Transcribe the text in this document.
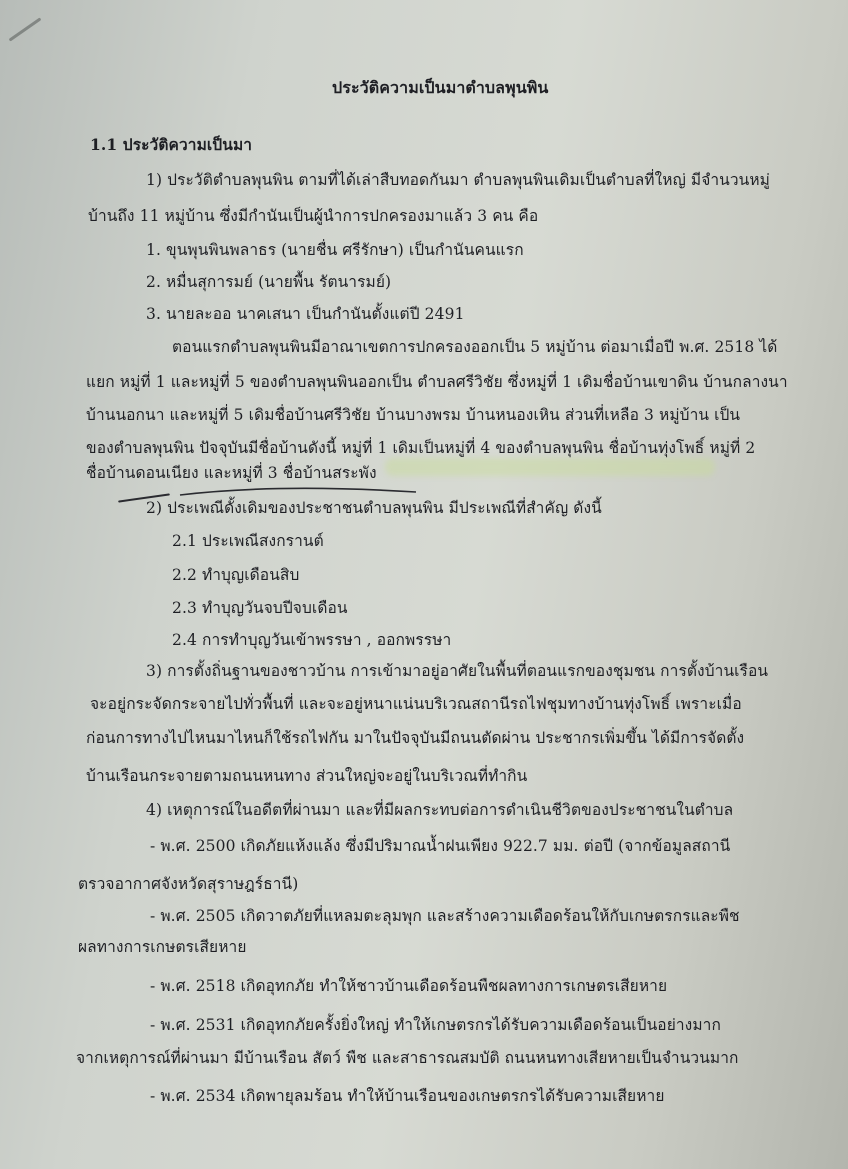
ประวัติความเป็นมาตำบลพุนพิน
1.1 ประวัติความเป็นมา
1) ประวัติตำบลพุนพิน ตามที่ได้เล่าสืบทอดกันมา ตำบลพุนพินเดิมเป็นตำบลที่ใหญ่ มีจำนวนหมู่
บ้านถึง 11 หมู่บ้าน ซึ่งมีกำนันเป็นผู้นำการปกครองมาแล้ว 3 คน คือ
1. ขุนพุนพินพลาธร (นายชื่น ศรีรักษา) เป็นกำนันคนแรก
2. หมื่นสุการมย์ (นายพื้น รัตนารมย์)
3. นายละออ นาคเสนา เป็นกำนันตั้งแต่ปี 2491
ตอนแรกตำบลพุนพินมีอาณาเขตการปกครองออกเป็น 5 หมู่บ้าน ต่อมาเมื่อปี พ.ศ. 2518 ได้
แยก หมู่ที่ 1 และหมู่ที่ 5 ของตำบลพุนพินออกเป็น ตำบลศรีวิชัย ซึ่งหมู่ที่ 1 เดิมชื่อบ้านเขาดิน บ้านกลางนา
บ้านนอกนา และหมู่ที่ 5 เดิมชื่อบ้านศรีวิชัย บ้านบางพรม บ้านหนองเหิน ส่วนที่เหลือ 3 หมู่บ้าน เป็น
ของตำบลพุนพิน ปัจจุบันมีชื่อบ้านดังนี้ หมู่ที่ 1 เดิมเป็นหมู่ที่ 4 ของตำบลพุนพิน ชื่อบ้านทุ่งโพธิ์ หมู่ที่ 2
ชื่อบ้านดอนเนียง และหมู่ที่ 3 ชื่อบ้านสระพัง
2) ประเพณีดั้งเดิมของประชาชนตำบลพุนพิน มีประเพณีที่สำคัญ ดังนี้
2.1 ประเพณีสงกรานต์
2.2 ทำบุญเดือนสิบ
2.3 ทำบุญวันจบปีจบเดือน
2.4 การทำบุญวันเข้าพรรษา , ออกพรรษา
3) การตั้งถิ่นฐานของชาวบ้าน การเข้ามาอยู่อาศัยในพื้นที่ตอนแรกของชุมชน การตั้งบ้านเรือน
จะอยู่กระจัดกระจายไปทั่วพื้นที่ และจะอยู่หนาแน่นบริเวณสถานีรถไฟชุมทางบ้านทุ่งโพธิ์ เพราะเมื่อ
ก่อนการทางไปไหนมาไหนก็ใช้รถไฟกัน มาในปัจจุบันมีถนนตัดผ่าน ประชากรเพิ่มขึ้น ได้มีการจัดตั้ง
บ้านเรือนกระจายตามถนนหนทาง ส่วนใหญ่จะอยู่ในบริเวณที่ทำกิน
4) เหตุการณ์ในอดีตที่ผ่านมา และที่มีผลกระทบต่อการดำเนินชีวิตของประชาชนในตำบล
- พ.ศ. 2500 เกิดภัยแห้งแล้ง ซึ่งมีปริมาณน้ำฝนเพียง 922.7 มม. ต่อปี (จากข้อมูลสถานี
ตรวจอากาศจังหวัดสุราษฎร์ธานี)
- พ.ศ. 2505 เกิดวาตภัยที่แหลมตะลุมพุก และสร้างความเดือดร้อนให้กับเกษตรกรและพืช
ผลทางการเกษตรเสียหาย
- พ.ศ. 2518 เกิดอุทกภัย ทำให้ชาวบ้านเดือดร้อนพืชผลทางการเกษตรเสียหาย
- พ.ศ. 2531 เกิดอุทกภัยครั้งยิ่งใหญ่ ทำให้เกษตรกรได้รับความเดือดร้อนเป็นอย่างมาก
จากเหตุการณ์ที่ผ่านมา มีบ้านเรือน สัตว์ พืช และสาธารณสมบัติ ถนนหนทางเสียหายเป็นจำนวนมาก
- พ.ศ. 2534 เกิดพายุลมร้อน ทำให้บ้านเรือนของเกษตรกรได้รับความเสียหาย
